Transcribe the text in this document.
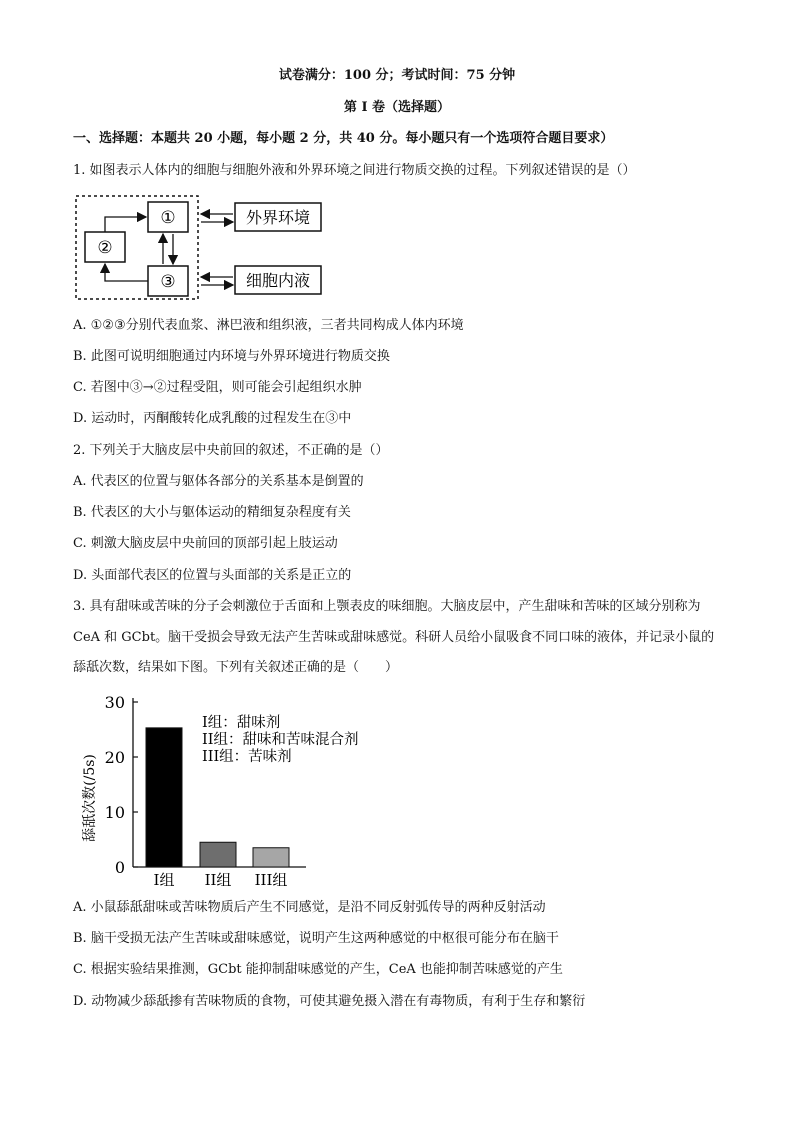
试卷满分：100 分；考试时间：75 分钟
第 I 卷（选择题）
一、选择题：本题共 20 小题，每小题 2 分，共 40 分。每小题只有一个选项符合题目要求）
1. 如图表示人体内的细胞与细胞外液和外界环境之间进行物质交换的过程。下列叙述错误的是（）
①
②
③
外界环境
细胞内液
A. ①②③分别代表血浆、淋巴液和组织液，三者共同构成人体内环境
B. 此图可说明细胞通过内环境与外界环境进行物质交换
C. 若图中③→②过程受阻，则可能会引起组织水肿
D. 运动时，丙酮酸转化成乳酸的过程发生在③中
2. 下列关于大脑皮层中央前回的叙述，不正确的是（）
A. 代表区的位置与躯体各部分的关系基本是倒置的
B. 代表区的大小与躯体运动的精细复杂程度有关
C. 刺激大脑皮层中央前回的顶部引起上肢运动
D. 头面部代表区的位置与头面部的关系是正立的
3. 具有甜味或苦味的分子会刺激位于舌面和上颚表皮的味细胞。大脑皮层中，产生甜味和苦味的区域分别称为 CeA 和 GCbt。脑干受损会导致无法产生苦味或甜味感觉。科研人员给小鼠吸食不同口味的液体，并记录小鼠的舔舐次数，结果如下图。下列有关叙述正确的是（　　）
舔舐次数(/5s)
0
10
20
30
I组 II组 III组
I组：甜味剂
II组：甜味和苦味混合剂
III组：苦味剂
A. 小鼠舔舐甜味或苦味物质后产生不同感觉，是沿不同反射弧传导的两种反射活动
B. 脑干受损无法产生苦味或甜味感觉，说明产生这两种感觉的中枢很可能分布在脑干
C. 根据实验结果推测，GCbt 能抑制甜味感觉的产生，CeA 也能抑制苦味感觉的产生
D. 动物减少舔舐掺有苦味物质的食物，可使其避免摄入潜在有毒物质，有利于生存和繁衍
